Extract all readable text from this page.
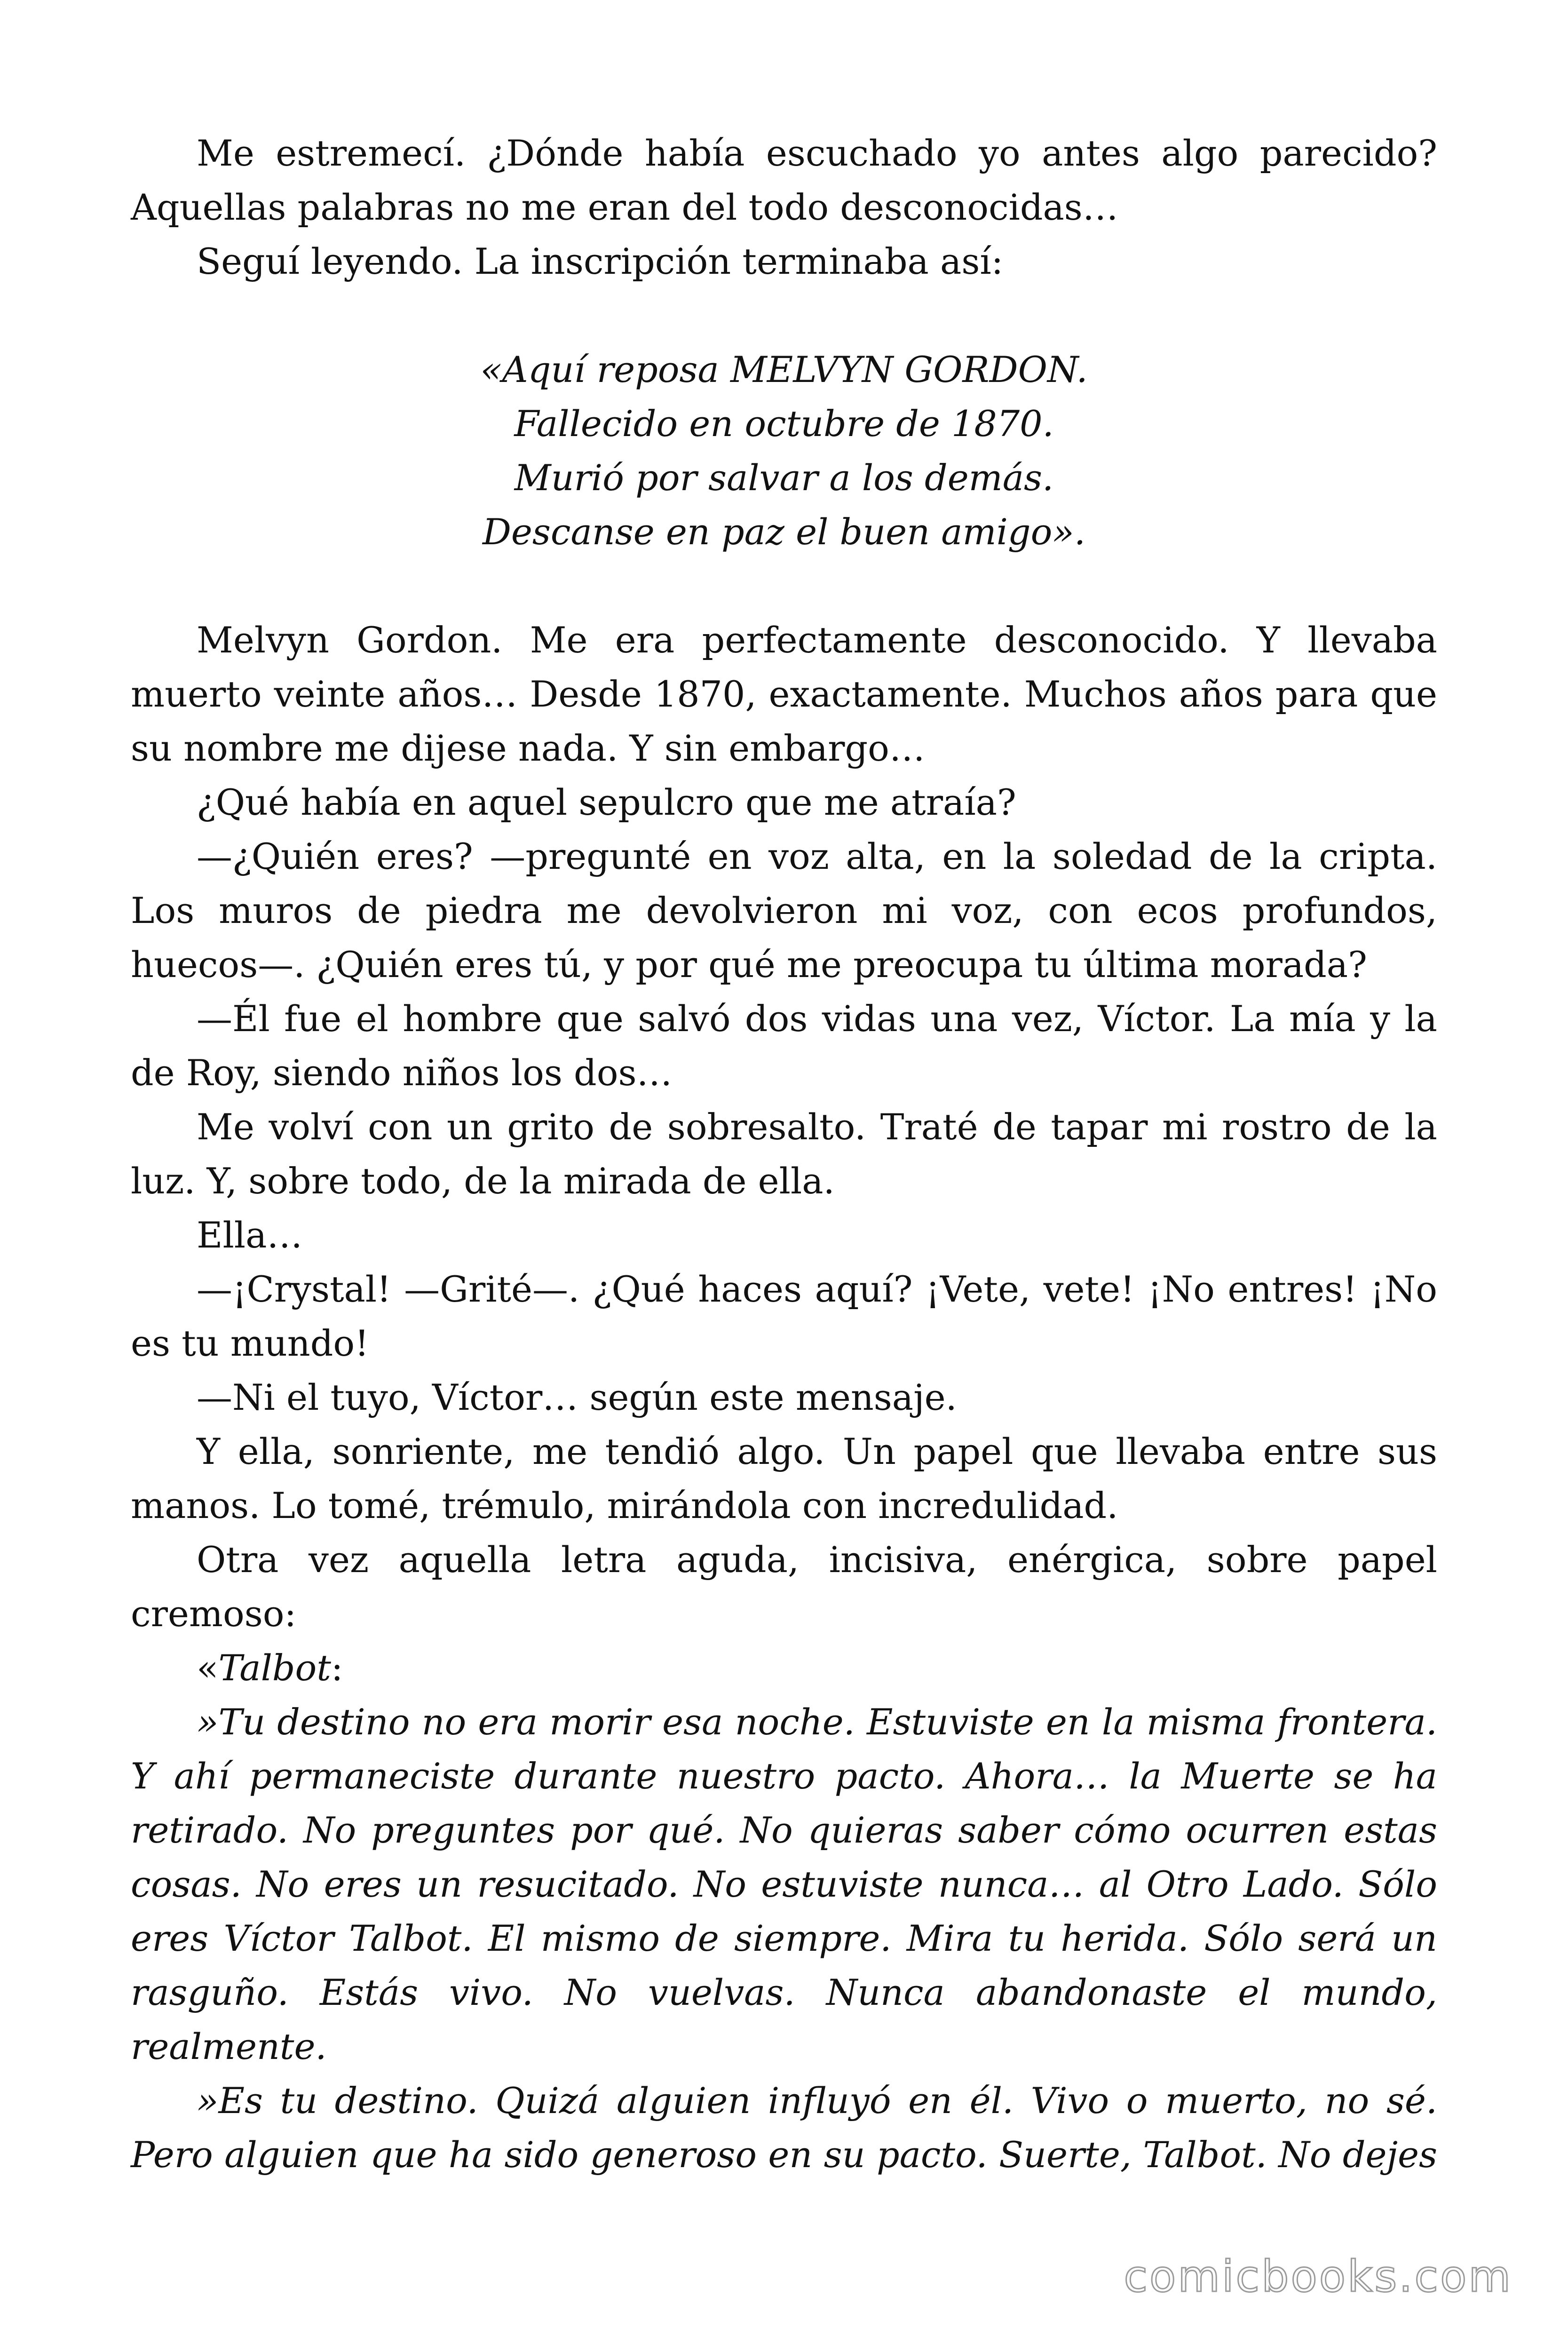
Me estremecí. ¿Dónde había escuchado yo antes algo parecido? Aquellas palabras no me eran del todo desconocidas…

Seguí leyendo. La inscripción terminaba así:

«Aquí reposa MELVYN GORDON.
Fallecido en octubre de 1870.
Murió por salvar a los demás.
Descanse en paz el buen amigo».

Melvyn Gordon. Me era perfectamente desconocido. Y llevaba muerto veinte años… Desde 1870, exactamente. Muchos años para que su nombre me dijese nada. Y sin embargo…

¿Qué había en aquel sepulcro que me atraía?

—¿Quién eres? —pregunté en voz alta, en la soledad de la cripta. Los muros de piedra me devolvieron mi voz, con ecos profundos, huecos—. ¿Quién eres tú, y por qué me preocupa tu última morada?

—Él fue el hombre que salvó dos vidas una vez, Víctor. La mía y la de Roy, siendo niños los dos…

Me volví con un grito de sobresalto. Traté de tapar mi rostro de la luz. Y, sobre todo, de la mirada de ella.

Ella…

—¡Crystal! —Grité—. ¿Qué haces aquí? ¡Vete, vete! ¡No entres! ¡No es tu mundo!

—Ni el tuyo, Víctor… según este mensaje.

Y ella, sonriente, me tendió algo. Un papel que llevaba entre sus manos. Lo tomé, trémulo, mirándola con incredulidad.

Otra vez aquella letra aguda, incisiva, enérgica, sobre papel cremoso:

«Talbot:

»Tu destino no era morir esa noche. Estuviste en la misma frontera. Y ahí permaneciste durante nuestro pacto. Ahora… la Muerte se ha retirado. No preguntes por qué. No quieras saber cómo ocurren estas cosas. No eres un resucitado. No estuviste nunca… al Otro Lado. Sólo eres Víctor Talbot. El mismo de siempre. Mira tu herida. Sólo será un rasguño. Estás vivo. No vuelvas. Nunca abandonaste el mundo, realmente.

»Es tu destino. Quizá alguien influyó en él. Vivo o muerto, no sé. Pero alguien que ha sido generoso en su pacto. Suerte, Talbot. No dejes

comicbooks.com
